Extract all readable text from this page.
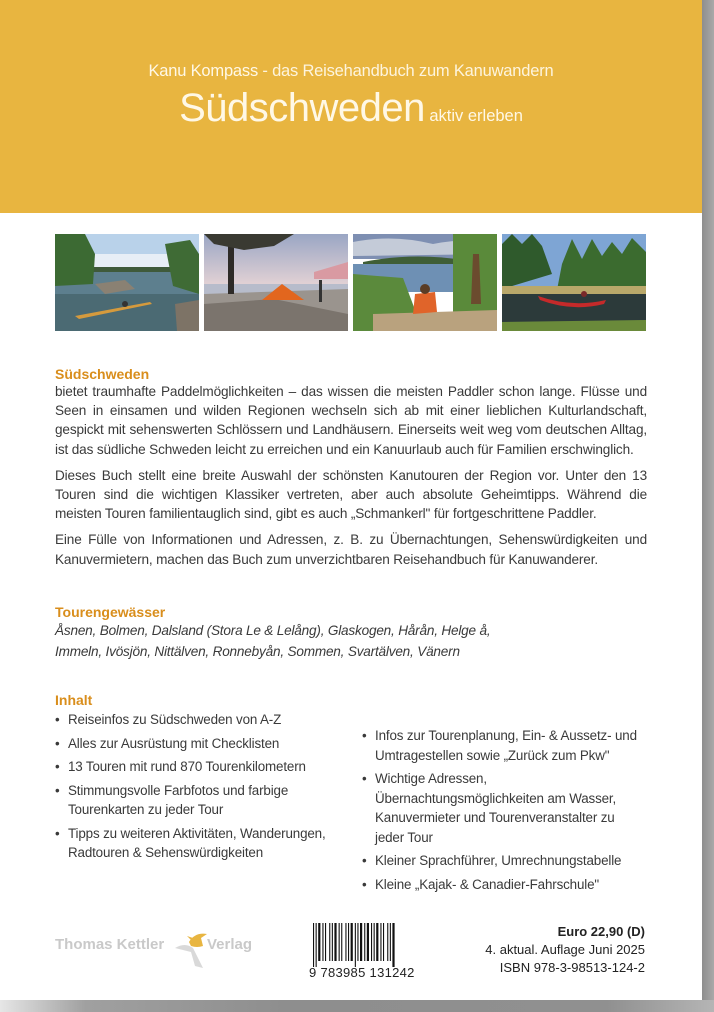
Kanu Kompass - das Reisehandbuch zum Kanuwandern
Südschweden aktiv erleben
Südschweden
bietet traumhafte Paddelmöglichkeiten – das wissen die meisten Paddler schon lange. Flüsse und Seen in einsamen und wilden Regionen wechseln sich ab mit einer lieblichen Kulturlandschaft, gespickt mit sehenswerten Schlössern und Landhäusern. Einerseits weit weg vom deutschen Alltag, ist das südliche Schweden leicht zu erreichen und ein Kanuurlaub auch für Familien erschwinglich.
Dieses Buch stellt eine breite Auswahl der schönsten Kanutouren der Region vor. Unter den 13 Touren sind die wichtigen Klassiker vertreten, aber auch absolute Geheimtipps. Während die meisten Touren familientauglich sind, gibt es auch „Schmankerl" für fortgeschrittene Paddler.
Eine Fülle von Informationen und Adressen, z. B. zu Übernachtungen, Sehenswürdigkeiten und Kanuvermietern, machen das Buch zum unverzichtbaren Reisehandbuch für Kanuwanderer.
Tourengewässer
Åsnen, Bolmen, Dalsland (Stora Le & Lelång), Glaskogen, Hårån, Helge å,
Immeln, Ivösjön, Nittälven, Ronnebyån, Sommen, Svartälven, Vänern
Inhalt
• Reiseinfos zu Südschweden von A-Z
• Alles zur Ausrüstung mit Checklisten
• 13 Touren mit rund 870 Tourenkilometern
• Stimmungsvolle Farbfotos und farbige Tourenkarten zu jeder Tour
• Tipps zu weiteren Aktivitäten, Wanderungen, Radtouren & Sehenswürdigkeiten
• Infos zur Tourenplanung, Ein- & Aussetz- und Umtragestellen sowie „Zurück zum Pkw"
• Wichtige Adressen, Übernachtungsmöglichkeiten am Wasser, Kanuvermieter und Tourenveranstalter zu jeder Tour
• Kleiner Sprachführer, Umrechnungstabelle
• Kleine „Kajak- & Canadier-Fahrschule"
Thomas Kettler	Verlag
9 783985 131242
Euro 22,90 (D)
4. aktual. Auflage Juni 2025
ISBN 978-3-98513-124-2
